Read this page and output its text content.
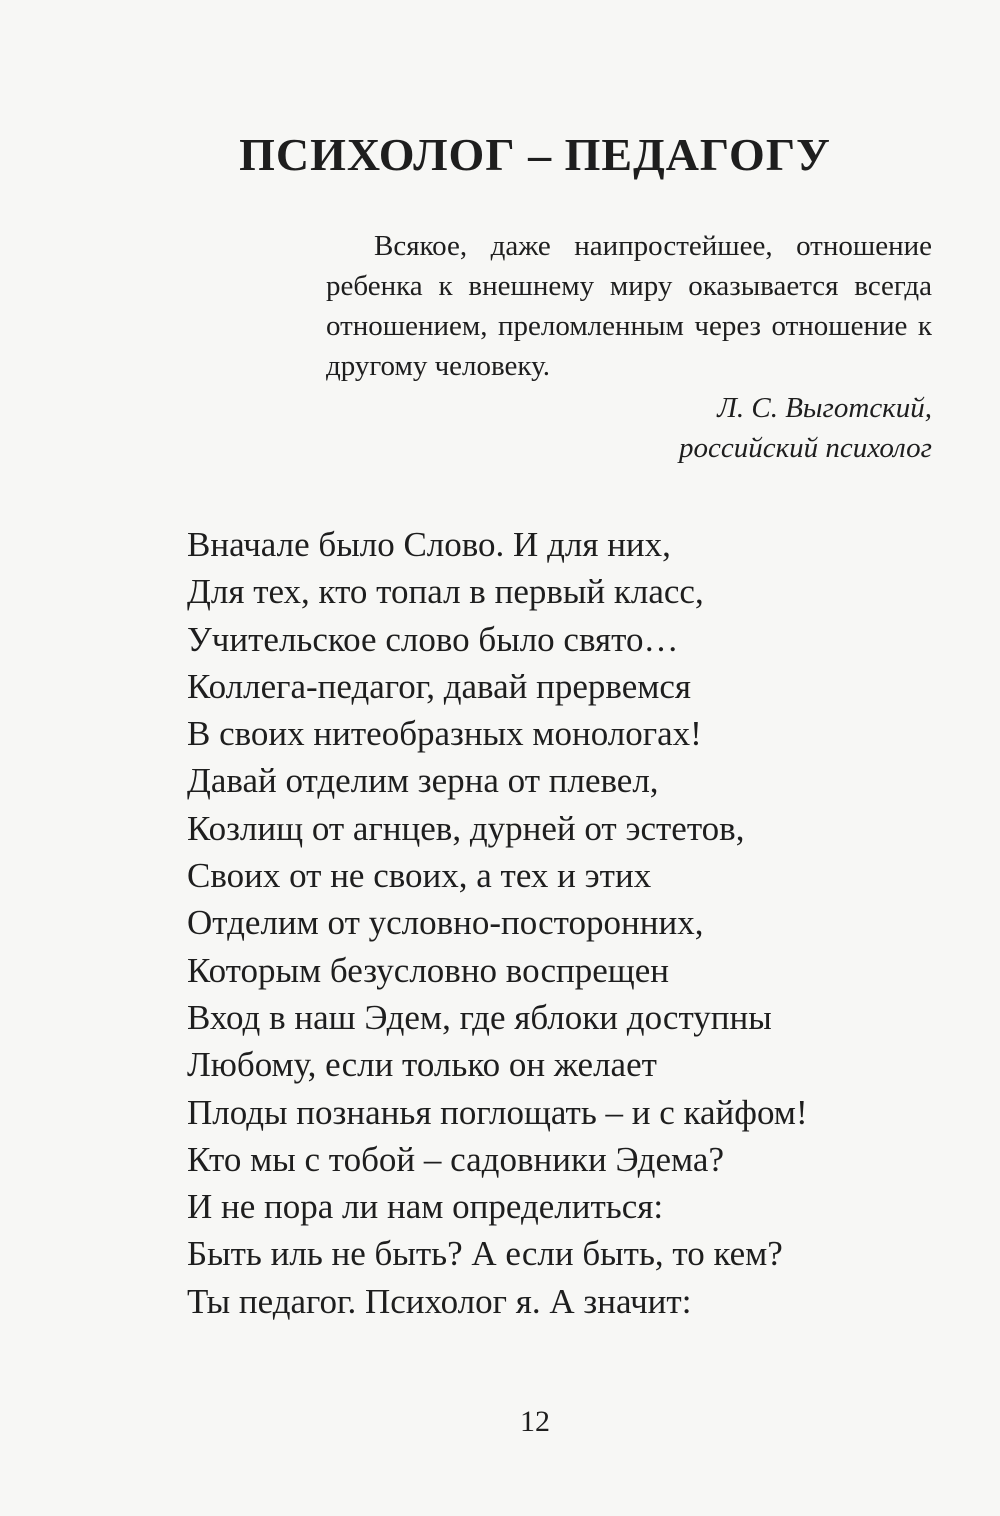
ПСИХОЛОГ – ПЕДАГОГУ

Всякое, даже наипростейшее, отношение ребенка к внешнему миру оказывается всегда отношением, преломленным через отношение к другому человеку.

Л. С. Выготский,
российский психолог
Вначале было Слово. И для них,
Для тех, кто топал в первый класс,
Учительское слово было свято…
Коллега-педагог, давай прервемся
В своих нитеобразных монологах!
Давай отделим зерна от плевел,
Козлищ от агнцев, дурней от эстетов,
Своих от не своих, а тех и этих
Отделим от условно-посторонних,
Которым безусловно воспрещен
Вход в наш Эдем, где яблоки доступны
Любому, если только он желает
Плоды познанья поглощать – и с кайфом!
Кто мы с тобой – садовники Эдема?
И не пора ли нам определиться:
Быть иль не быть? А если быть, то кем?
Ты педагог. Психолог я. А значит:
12
